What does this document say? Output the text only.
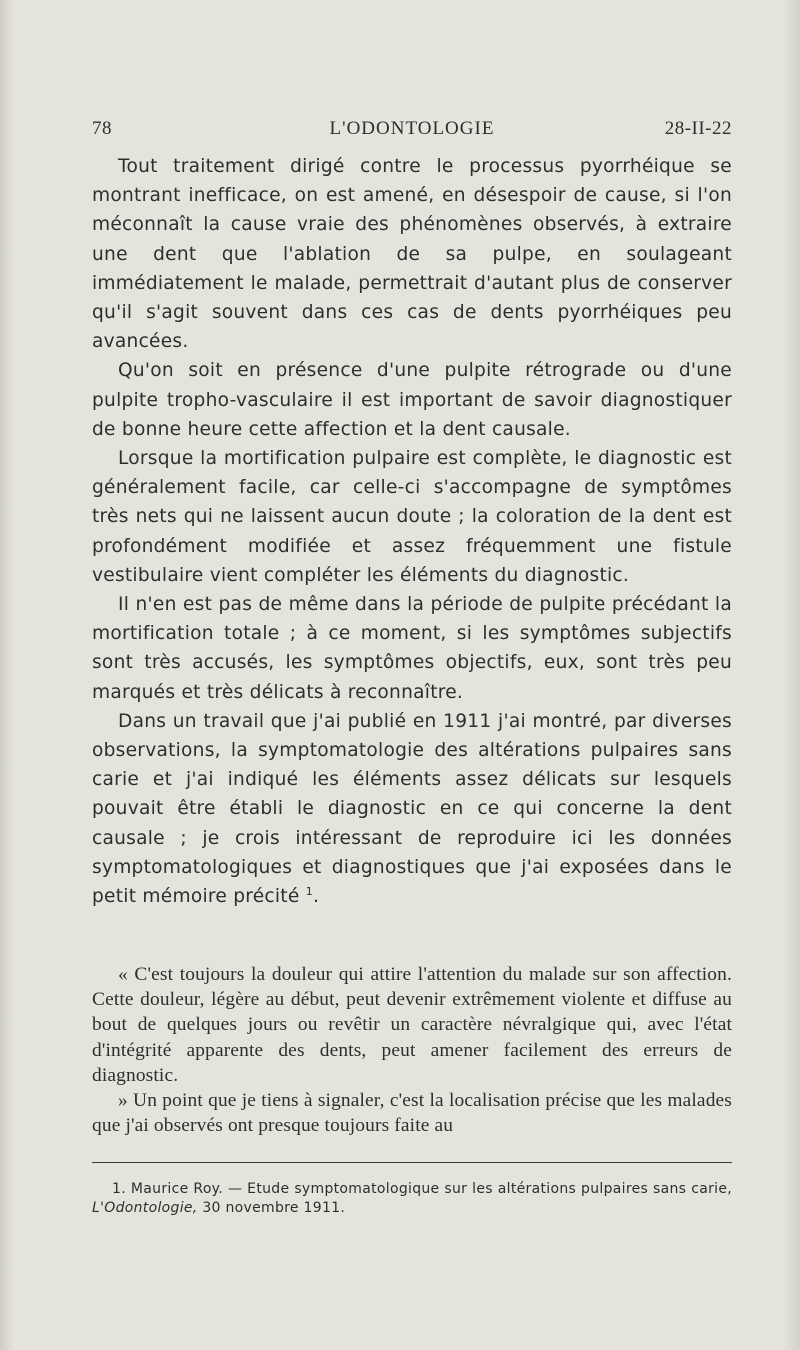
78	L'ODONTOLOGIE	28-II-22

Tout traitement dirigé contre le processus pyorrhéique se montrant inefficace, on est amené, en désespoir de cause, si l'on méconnaît la cause vraie des phénomènes observés, à extraire une dent que l'ablation de sa pulpe, en soulageant immédiatement le malade, permettrait d'autant plus de conserver qu'il s'agit souvent dans ces cas de dents pyorrhéiques peu avancées.

Qu'on soit en présence d'une pulpite rétrograde ou d'une pulpite tropho-vasculaire il est important de savoir diagnostiquer de bonne heure cette affection et la dent causale.

Lorsque la mortification pulpaire est complète, le diagnostic est généralement facile, car celle-ci s'accompagne de symptômes très nets qui ne laissent aucun doute ; la coloration de la dent est profondément modifiée et assez fréquemment une fistule vestibulaire vient compléter les éléments du diagnostic.

Il n'en est pas de même dans la période de pulpite précédant la mortification totale ; à ce moment, si les symptômes subjectifs sont très accusés, les symptômes objectifs, eux, sont très peu marqués et très délicats à reconnaître.

Dans un travail que j'ai publié en 1911 j'ai montré, par diverses observations, la symptomatologie des altérations pulpaires sans carie et j'ai indiqué les éléments assez délicats sur lesquels pouvait être établi le diagnostic en ce qui concerne la dent causale ; je crois intéressant de reproduire ici les données symptomatologiques et diagnostiques que j'ai exposées dans le petit mémoire précité $^1$.

« C'est toujours la douleur qui attire l'attention du malade sur son affection. Cette douleur, légère au début, peut devenir extrêmement violente et diffuse au bout de quelques jours ou revêtir un caractère névralgique qui, avec l'état d'intégrité apparente des dents, peut amener facilement des erreurs de diagnostic.

» Un point que je tiens à signaler, c'est la localisation précise que les malades que j'ai observés ont presque toujours faite au

1. Maurice Roy. — Etude symptomatologique sur les altérations pulpaires sans carie, L'Odontologie, 30 novembre 1911.
